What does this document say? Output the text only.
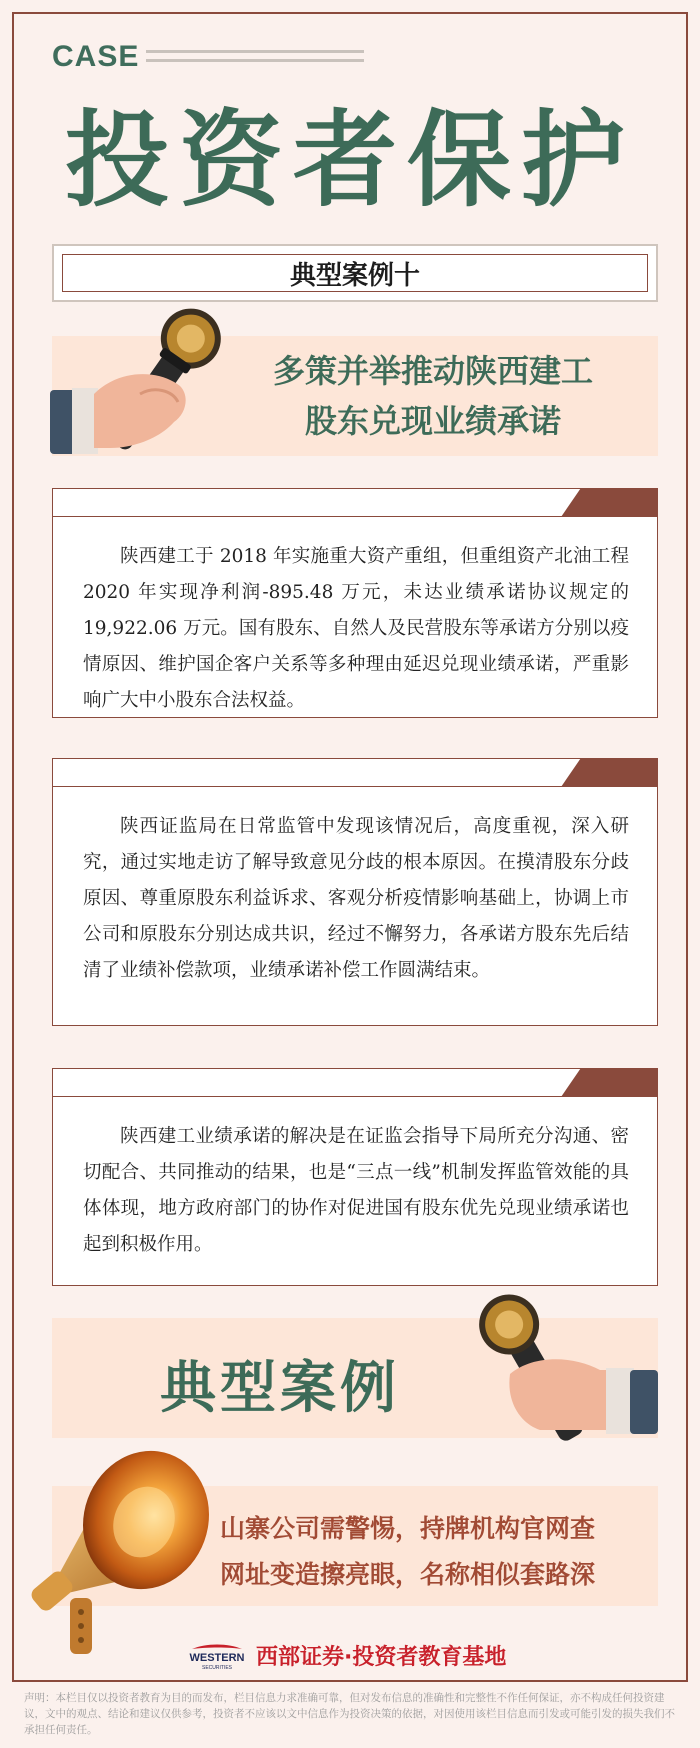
CASE
投资者保护
典型案例十
多策并举推动陕西建工
股东兑现业绩承诺

陕西建工于 2018 年实施重大资产重组，但重组资产北油工程 2020 年实现净利润-895.48 万元，未达业绩承诺协议规定的 19,922.06 万元。国有股东、自然人及民营股东等承诺方分别以疫情原因、维护国企客户关系等多种理由延迟兑现业绩承诺，严重影响广大中小股东合法权益。

陕西证监局在日常监管中发现该情况后，高度重视，深入研究，通过实地走访了解导致意见分歧的根本原因。在摸清股东分歧原因、尊重原股东利益诉求、客观分析疫情影响基础上，协调上市公司和原股东分别达成共识，经过不懈努力，各承诺方股东先后结清了业绩补偿款项，业绩承诺补偿工作圆满结束。

陕西建工业绩承诺的解决是在证监会指导下局所充分沟通、密切配合、共同推动的结果，也是“三点一线”机制发挥监管效能的具体体现，地方政府部门的协作对促进国有股东优先兑现业绩承诺也起到积极作用。

典型案例
山寨公司需警惕，持牌机构官网查
网址变造擦亮眼，名称相似套路深
WESTERN
SECURITIES 西部证券·投资者教育基地
声明：本栏目仅以投资者教育为目的而发布，栏目信息力求准确可靠，但对发布信息的准确性和完整性不作任何保证，亦不构成任何投资建议，文中的观点、结论和建议仅供参考，投资者不应该以文中信息作为投资决策的依据，对因使用该栏目信息而引发或可能引发的损失我们不承担任何责任。
